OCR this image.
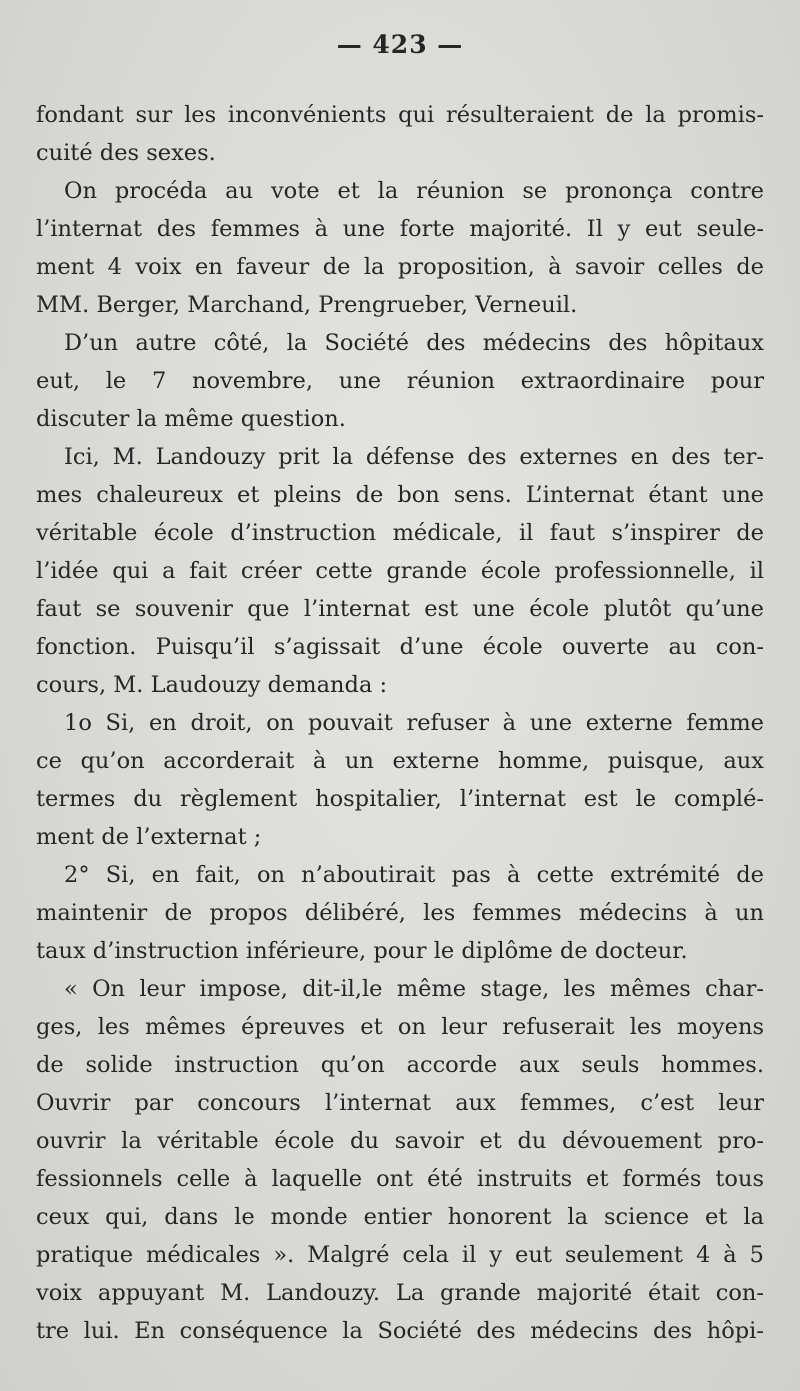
— 423 —
fondant sur les inconvénients qui résulteraient de la promis-
cuité des sexes.
On procéda au vote et la réunion se prononça contre
l’internat des femmes à une forte majorité. Il y eut seule-
ment 4 voix en faveur de la proposition, à savoir celles de
MM. Berger, Marchand, Prengrueber, Verneuil.
D’un autre côté, la Société des médecins des hôpitaux
eut, le 7 novembre, une réunion extraordinaire pour
discuter la même question.
Ici, M. Landouzy prit la défense des externes en des ter-
mes chaleureux et pleins de bon sens. L’internat étant une
véritable école d’instruction médicale, il faut s’inspirer de
l’idée qui a fait créer cette grande école professionnelle, il
faut se souvenir que l’internat est une école plutôt qu’une
fonction. Puisqu’il s’agissait d’une école ouverte au con-
cours, M. Laudouzy demanda :
1o Si, en droit, on pouvait refuser à une externe femme
ce qu’on accorderait à un externe homme, puisque, aux
termes du règlement hospitalier, l’internat est le complé-
ment de l’externat ;
2° Si, en fait, on n’aboutirait pas à cette extrémité de
maintenir de propos délibéré, les femmes médecins à un
taux d’instruction inférieure, pour le diplôme de docteur.
« On leur impose, dit-il,le même stage, les mêmes char-
ges, les mêmes épreuves et on leur refuserait les moyens
de solide instruction qu’on accorde aux seuls hommes.
Ouvrir par concours l’internat aux femmes, c’est leur
ouvrir la véritable école du savoir et du dévouement pro-
fessionnels celle à laquelle ont été instruits et formés tous
ceux qui, dans le monde entier honorent la science et la
pratique médicales ». Malgré cela il y eut seulement 4 à 5
voix appuyant M. Landouzy. La grande majorité était con-
tre lui. En conséquence la Société des médecins des hôpi-
